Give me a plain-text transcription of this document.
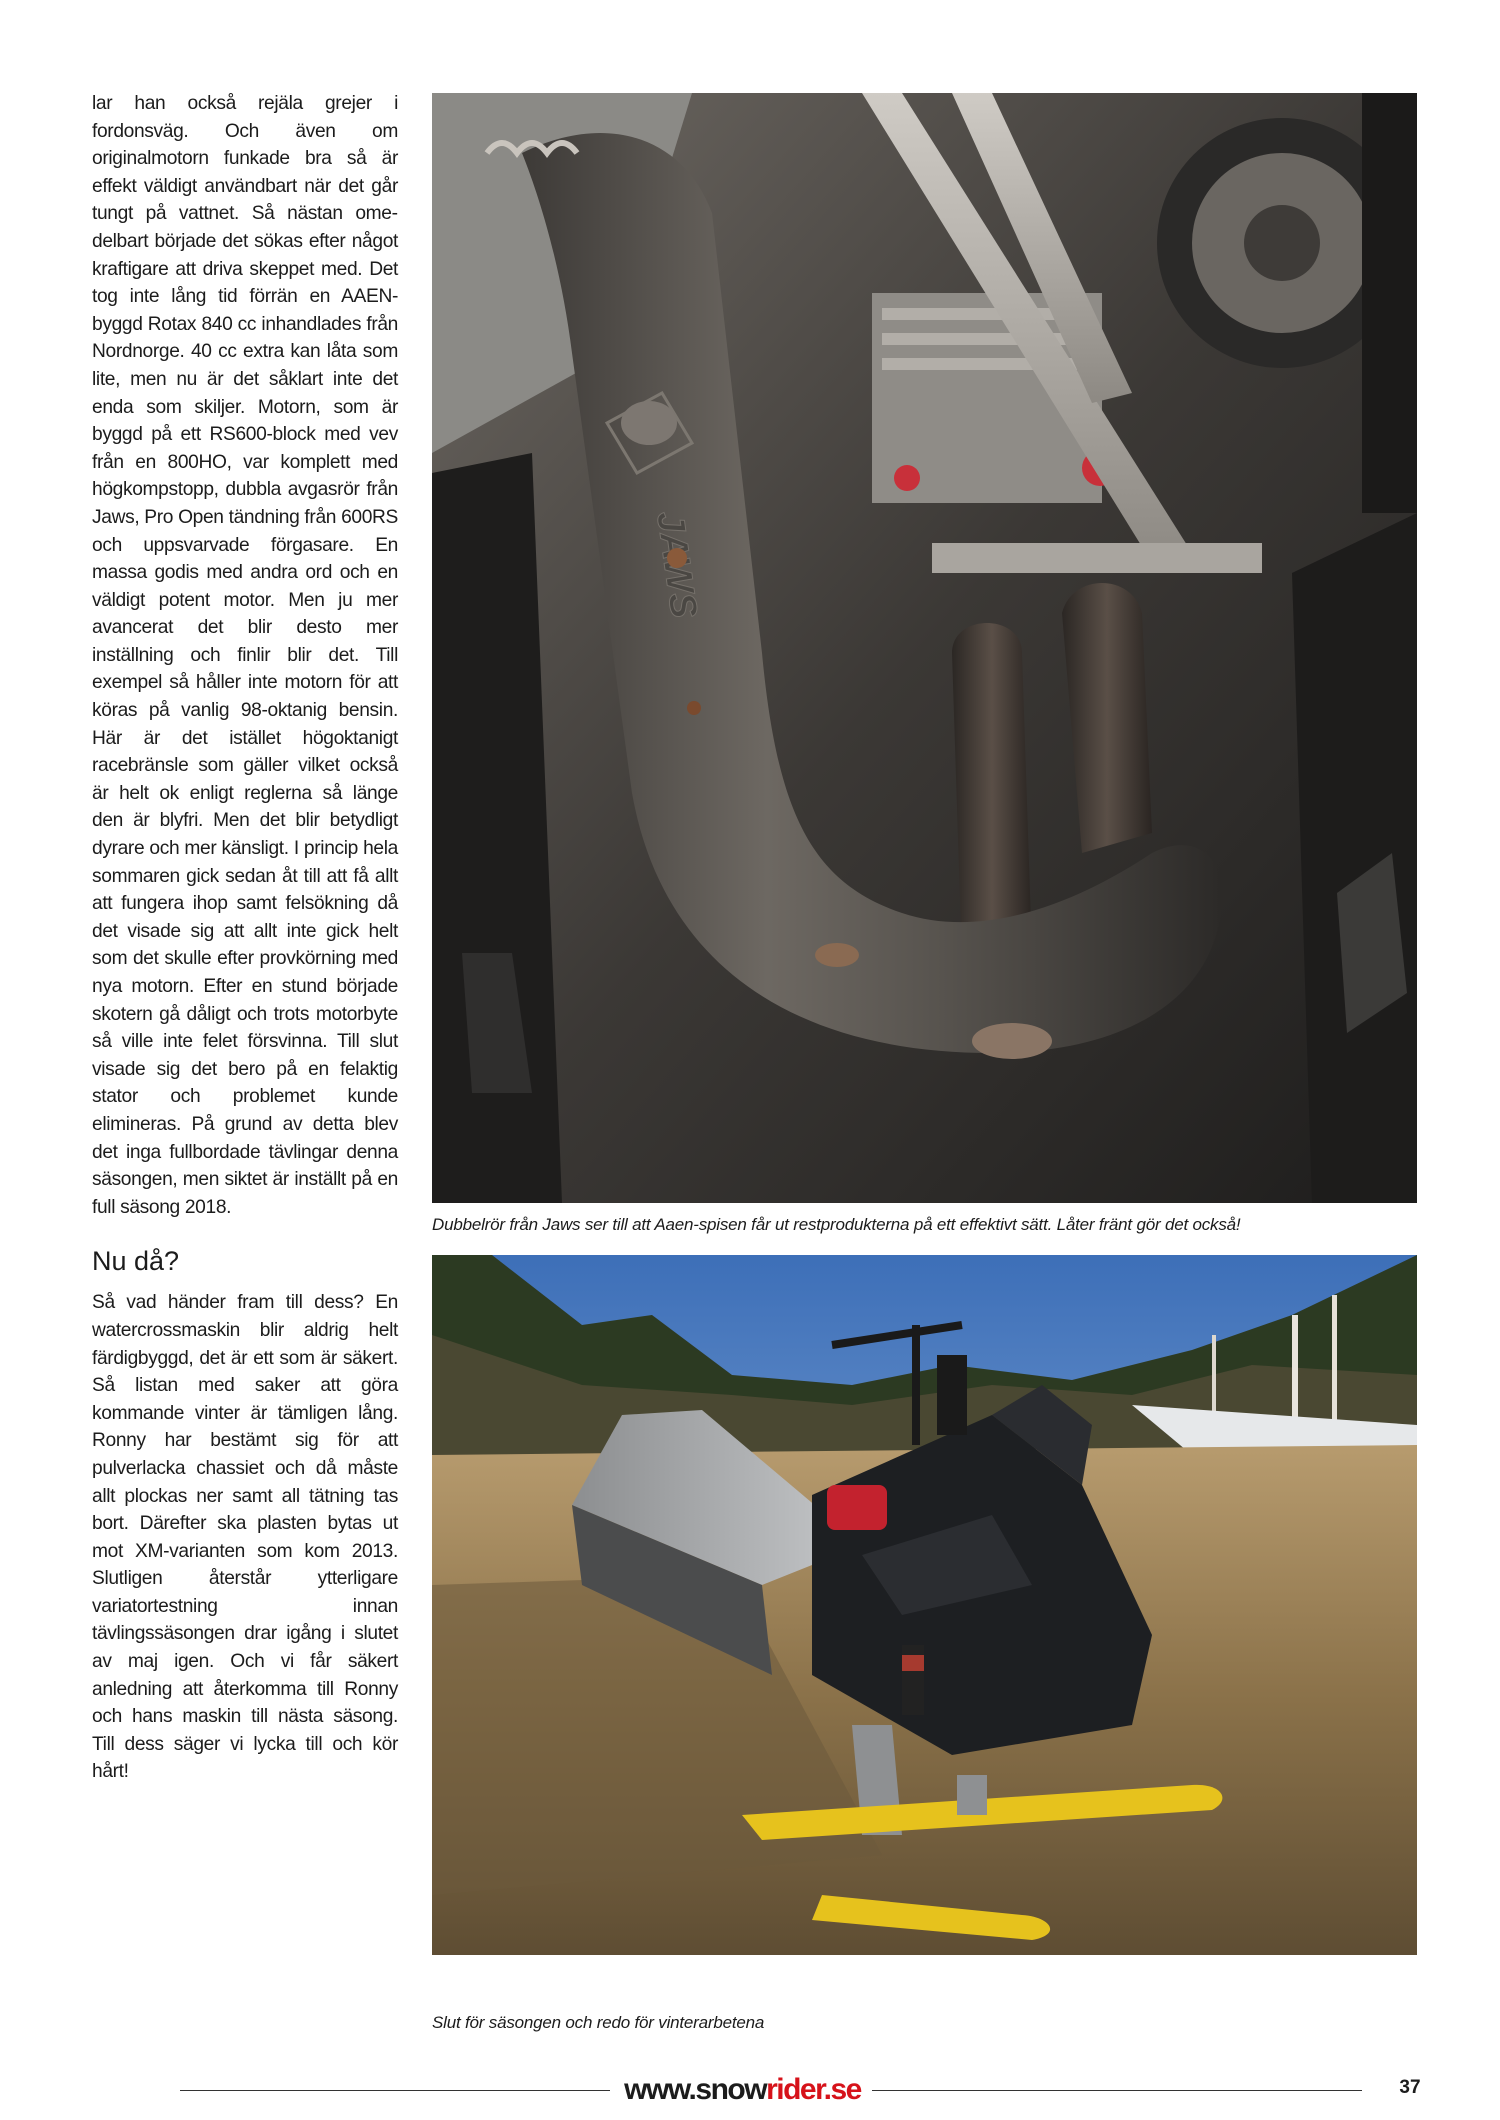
lar han också rejäla grejer i fordonsväg. Och även om originalmotorn funkade bra så är effekt väldigt användbart när det går tungt på vattnet. Så nästan omedelbart började det sökas efter något kraftigare att driva skeppet med. Det tog inte lång tid förrän en AAEN-byggd Rotax 840 cc inhandlades från Nordnorge. 40 cc extra kan låta som lite, men nu är det såklart inte det enda som skiljer. Motorn, som är byggd på ett RS600-block med vev från en 800HO, var komplett med högkompstopp, dubbla avgasrör från Jaws, Pro Open tändning från 600RS och uppsvarvade förgasare. En massa godis med andra ord och en väldigt potent motor. Men ju mer avancerat det blir desto mer inställning och finlir blir det. Till exempel så håller inte motorn för att köras på vanlig 98-oktanig bensin. Här är det istället högoktanigt racebränsle som gäller vilket också är helt ok enligt reglerna så länge den är blyfri. Men det blir betydligt dyrare och mer känsligt. I princip hela sommaren gick sedan åt till att få allt att fungera ihop samt felsökning då det visade sig att allt inte gick helt som det skulle efter provkörning med nya motorn. Efter en stund började skotern gå dåligt och trots motorbyte så ville inte felet försvinna. Till slut visade sig det bero på en felaktig stator och problemet kunde elimineras. På grund av detta blev det inga fullbordade tävlingar denna säsongen, men siktet är inställt på en full säsong 2018.

Nu då?

Så vad händer fram till dess? En watercrossmaskin blir aldrig helt färdigbyggd, det är ett som är säkert. Så listan med saker att göra kommande vinter är tämligen lång. Ronny har bestämt sig för att pulverlacka chassiet och då måste allt plockas ner samt all tätning tas bort. Därefter ska plasten bytas ut mot XM-varianten som kom 2013. Slutligen återstår ytterligare variatortestning innan tävlingssäsongen drar igång i slutet av maj igen. Och vi får säkert anledning att återkomma till Ronny och hans maskin till nästa säsong. Till dess säger vi lycka till och kör hårt!

Dubbelrör från Jaws ser till att Aaen-spisen får ut restprodukterna på ett effektivt sätt. Låter fränt gör det också!
Slut för säsongen och redo för vinterarbetena
www.snowrider.se	37
